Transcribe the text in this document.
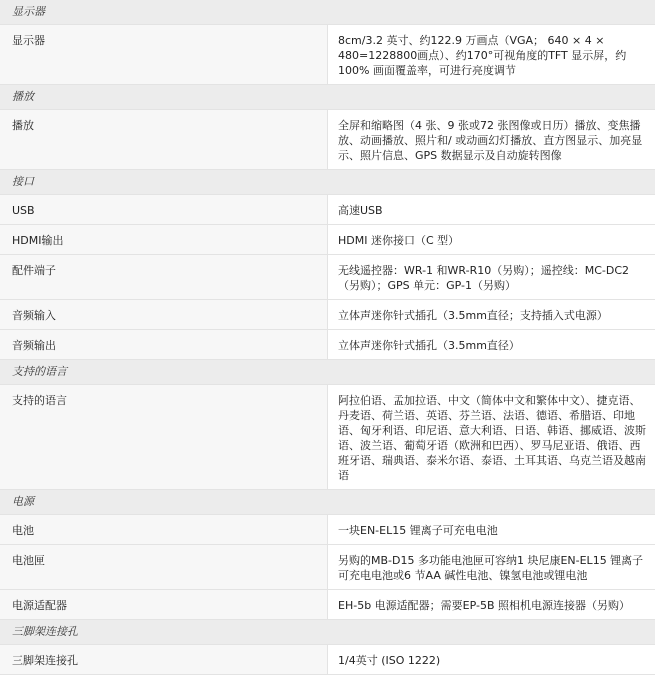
显示器	
显示器	8cm/3.2 英寸、约122.9 万画点（VGA； 640 × 4 × 480=1228800画点）、约170°可视角度的TFT 显示屏，约100% 画面覆盖率，可进行亮度调节

播放	
播放	全屏和缩略图（4 张、9 张或72 张图像或日历）播放、变焦播放、动画播放、照片和/ 或动画幻灯播放、直方图显示、加亮显示、照片信息、GPS 数据显示及自动旋转图像

接口	
USB	高速USB

HDMI输出	HDMI 迷你接口（C 型）

配件端子	无线遥控器：WR-1 和WR-R10（另购）；遥控线：MC-DC2（另购）；GPS 单元：GP-1（另购）

音频输入	立体声迷你针式插孔（3.5mm直径；支持插入式电源）

音频输出	立体声迷你针式插孔（3.5mm直径）

支持的语言	
支持的语言	阿拉伯语、孟加拉语、中文（简体中文和繁体中文）、捷克语、丹麦语、荷兰语、英语、芬兰语、法语、德语、希腊语、印地语、匈牙利语、印尼语、意大利语、日语、韩语、挪威语、波斯语、波兰语、葡萄牙语（欧洲和巴西）、罗马尼亚语、俄语、西班牙语、瑞典语、泰米尔语、泰语、土耳其语、乌克兰语及越南语

电源	
电池	一块EN-EL15 锂离子可充电电池

电池匣	另购的MB-D15 多功能电池匣可容纳1 块尼康EN-EL15 锂离子可充电电池或6 节AA 碱性电池、镍氢电池或锂电池

电源适配器	EH-5b 电源适配器；需要EP-5B 照相机电源连接器（另购）

三脚架连接孔	
三脚架连接孔	1/4英寸 (ISO 1222)
